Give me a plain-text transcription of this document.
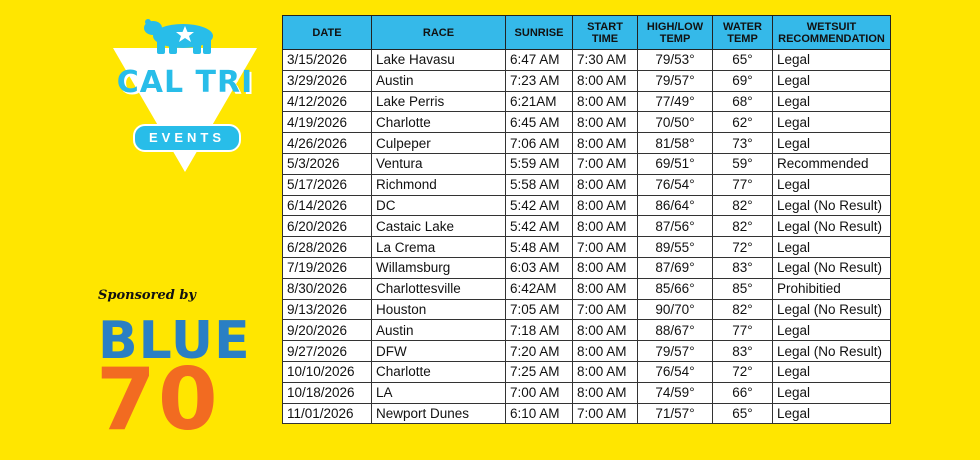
CAL TRI
EVENTS
Sponsored by
BLUE
70
DATE	RACE	SUNRISE	START TIME	HIGH/LOW TEMP	WATER TEMP	WETSUIT RECOMMENDATION
3/15/2026	Lake Havasu	6:47 AM	7:30 AM	79/53°	65°	Legal
3/29/2026	Austin	7:23 AM	8:00 AM	79/57°	69°	Legal
4/12/2026	Lake Perris	6:21AM	8:00 AM	77/49°	68°	Legal
4/19/2026	Charlotte	6:45 AM	8:00 AM	70/50°	62°	Legal
4/26/2026	Culpeper	7:06 AM	8:00 AM	81/58°	73°	Legal
5/3/2026	Ventura	5:59 AM	7:00 AM	69/51°	59°	Recommended
5/17/2026	Richmond	5:58 AM	8:00 AM	76/54°	77°	Legal
6/14/2026	DC	5:42 AM	8:00 AM	86/64°	82°	Legal (No Result)
6/20/2026	Castaic Lake	5:42 AM	8:00 AM	87/56°	82°	Legal (No Result)
6/28/2026	La Crema	5:48 AM	7:00 AM	89/55°	72°	Legal
7/19/2026	Willamsburg	6:03 AM	8:00 AM	87/69°	83°	Legal (No Result)
8/30/2026	Charlottesville	6:42AM	8:00 AM	85/66°	85°	Prohibitied
9/13/2026	Houston	7:05 AM	7:00 AM	90/70°	82°	Legal (No Result)
9/20/2026	Austin	7:18 AM	8:00 AM	88/67°	77°	Legal
9/27/2026	DFW	7:20 AM	8:00 AM	79/57°	83°	Legal (No Result)
10/10/2026	Charlotte	7:25 AM	8:00 AM	76/54°	72°	Legal
10/18/2026	LA	7:00 AM	8:00 AM	74/59°	66°	Legal
11/01/2026	Newport Dunes	6:10 AM	7:00 AM	71/57°	65°	Legal
